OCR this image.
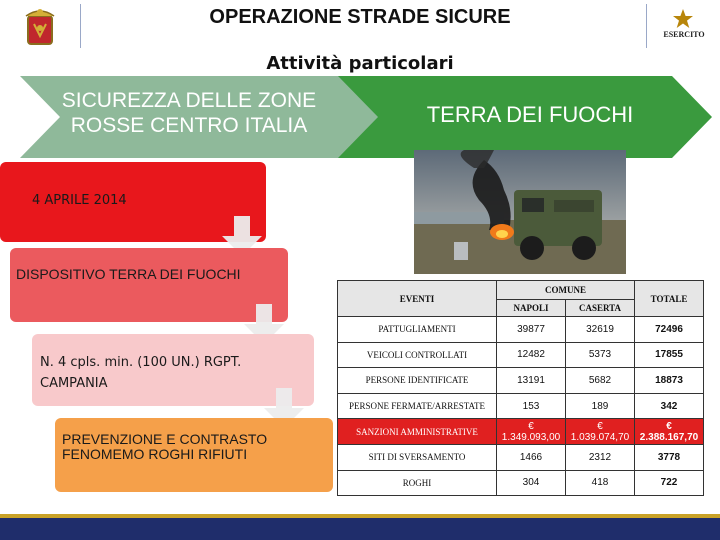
OPERAZIONE STRADE SICURE
ESERCITO
Attività particolari
SICUREZZA DELLE ZONE ROSSE CENTRO ITALIA	TERRA DEI FUOCHI
4 APRILE 2014
DISPOSITIVO TERRA DEI FUOCHI
N. 4 cpls. min. (100 UN.) RGPT. CAMPANIA
PREVENZIONE E CONTRASTO FENOMEMO ROGHI RIFIUTI
EVENTI	COMUNE		TOTALE
	NAPOLI	CASERTA	
PATTUGLIAMENTI	39877	32619	72496
VEICOLI CONTROLLATI	12482	5373	17855
PERSONE IDENTIFICATE	13191	5682	18873
PERSONE FERMATE/ARRESTATE	153	189	342
SANZIONI AMMINISTRATIVE	€ 1.349.093,00	€ 1.039.074,70	€ 2.388.167,70
SITI DI SVERSAMENTO	1466	2312	3778
ROGHI	304	418	722
